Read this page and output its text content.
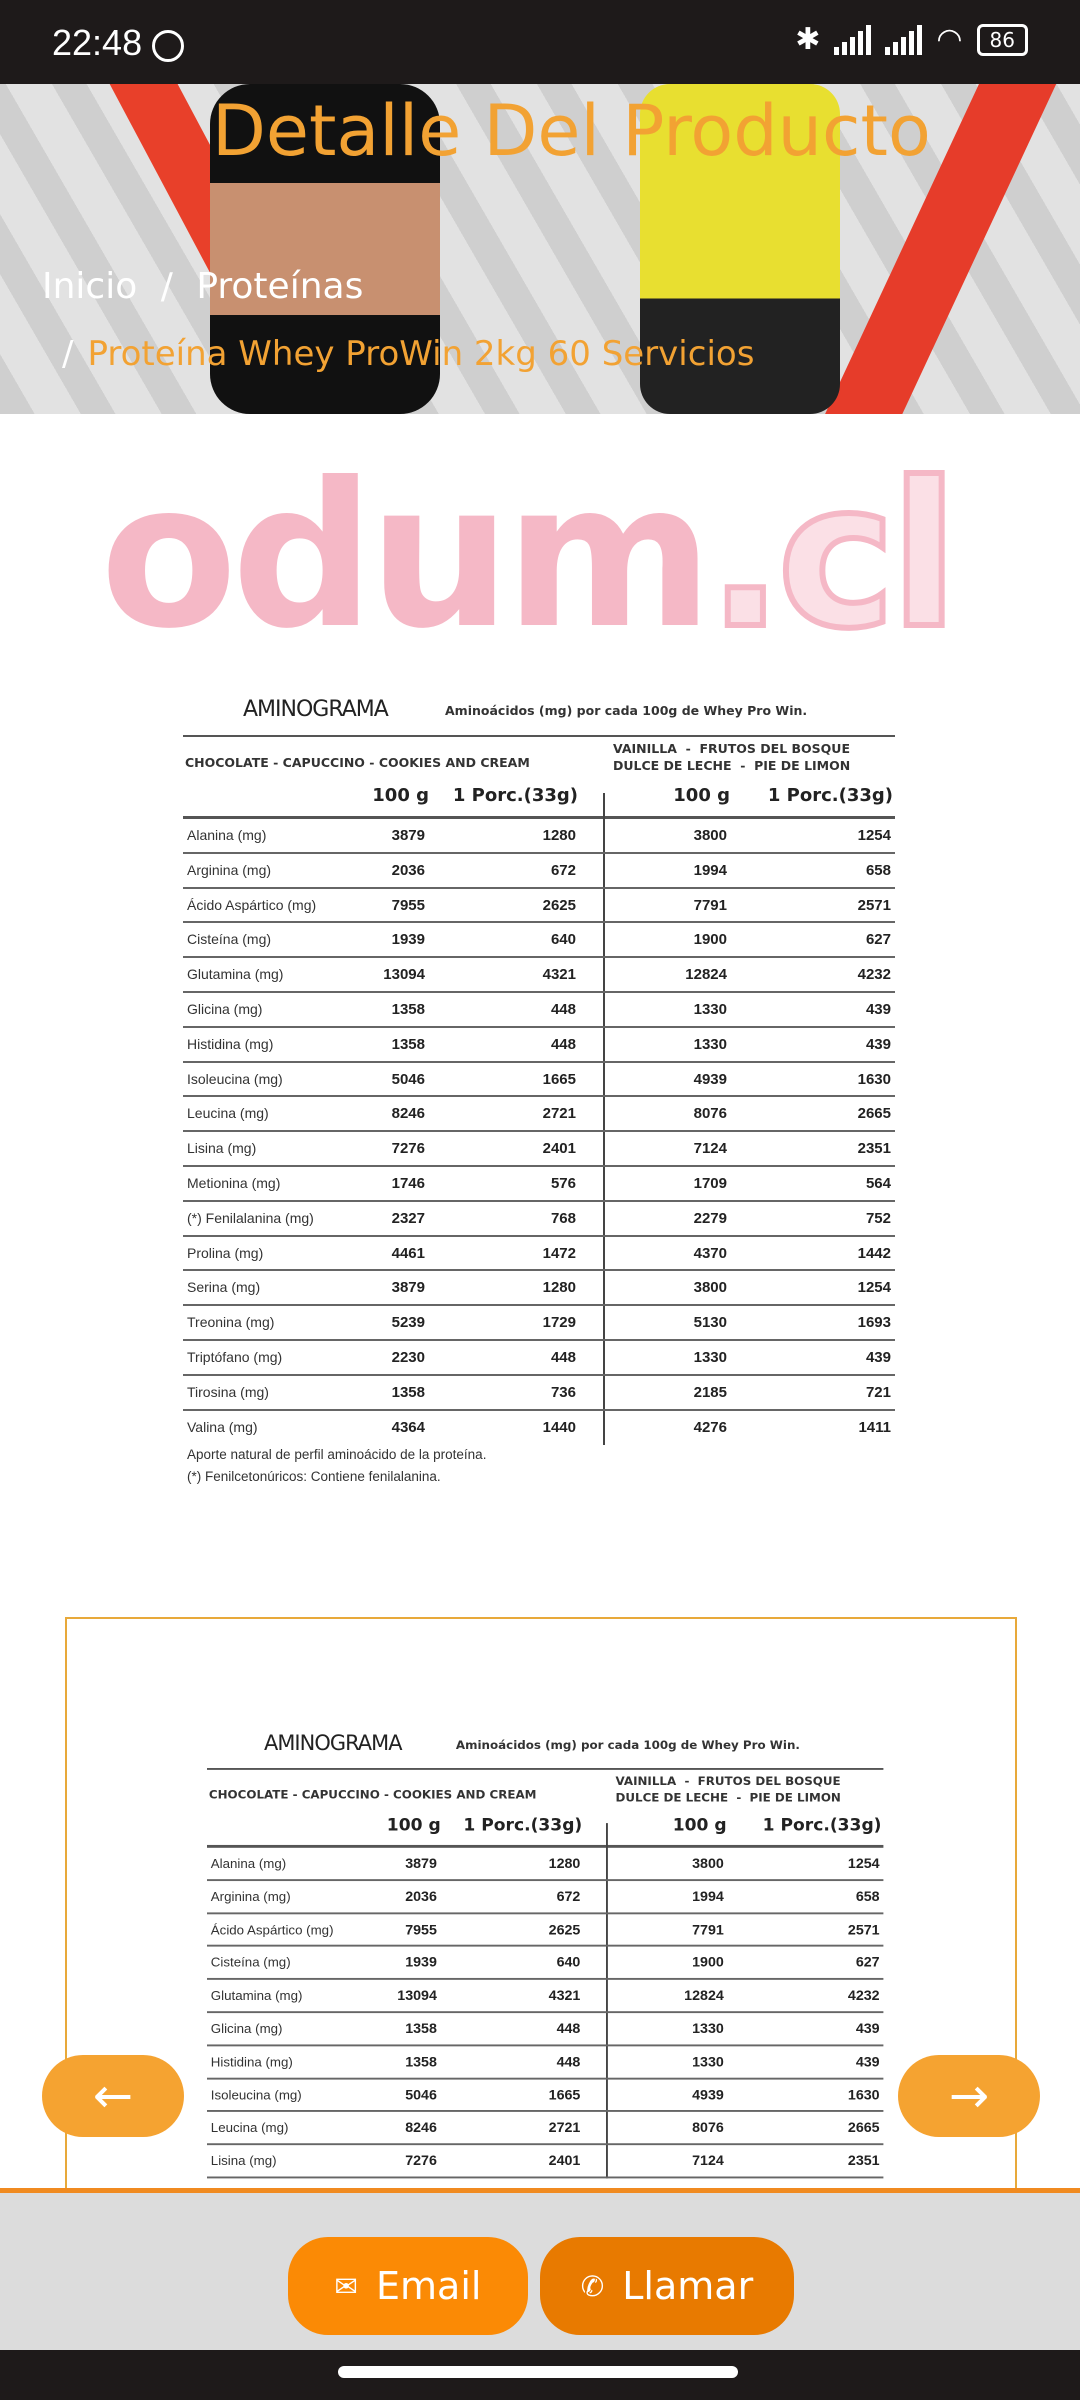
22:48	✱	◠	86
Detalle Del Producto
Inicio / Proteínas
/ Proteína Whey ProWin 2kg 60 Servicios
odum.cl
AMINOGRAMA	Aminoácidos (mg) por cada 100g de Whey Pro Win.
CHOCOLATE - CAPUCCINO - COOKIES AND CREAM
VAINILLA  -  FRUTOS DEL BOSQUE
DULCE DE LECHE  -  PIE DE LIMON
100 g 1 Porc.(33g)	100 g 1 Porc.(33g)
Alanina (mg)	3879	1280	3800	1254
Arginina (mg)	2036	672	1994	658
Ácido Aspártico (mg)	7955	2625	7791	2571
Cisteína (mg)	1939	640	1900	627
Glutamina (mg)	13094	4321	12824	4232
Glicina (mg)	1358	448	1330	439
Histidina (mg)	1358	448	1330	439
Isoleucina (mg)	5046	1665	4939	1630
Leucina (mg)	8246	2721	8076	2665
Lisina (mg)	7276	2401	7124	2351
Metionina (mg)	1746	576	1709	564
(*) Fenilalanina (mg)	2327	768	2279	752
Prolina (mg)	4461	1472	4370	1442
Serina (mg)	3879	1280	3800	1254
Treonina (mg)	5239	1729	5130	1693
Triptófano (mg)	2230	448	1330	439
Tirosina (mg)	1358	736	2185	721
Valina (mg)	4364	1440	4276	1411
Aporte natural de perfil aminoácido de la proteína.
(*) Fenilcetonúricos: Contiene fenilalanina.
AMINOGRAMA	Aminoácidos (mg) por cada 100g de Whey Pro Win.
CHOCOLATE - CAPUCCINO - COOKIES AND CREAM
VAINILLA  -  FRUTOS DEL BOSQUE
DULCE DE LECHE  -  PIE DE LIMON
100 g 1 Porc.(33g)	100 g 1 Porc.(33g)
Alanina (mg)	3879	1280	3800	1254
Arginina (mg)	2036	672	1994	658
Ácido Aspártico (mg)	7955	2625	7791	2571
Cisteína (mg)	1939	640	1900	627
Glutamina (mg)	13094	4321	12824	4232
Glicina (mg)	1358	448	1330	439
Histidina (mg)	1358	448	1330	439
Isoleucina (mg)	5046	1665	4939	1630
Leucina (mg)	8246	2721	8076	2665
Lisina (mg)	7276	2401	7124	2351
←	→
✉ Email	✆ Llamar
